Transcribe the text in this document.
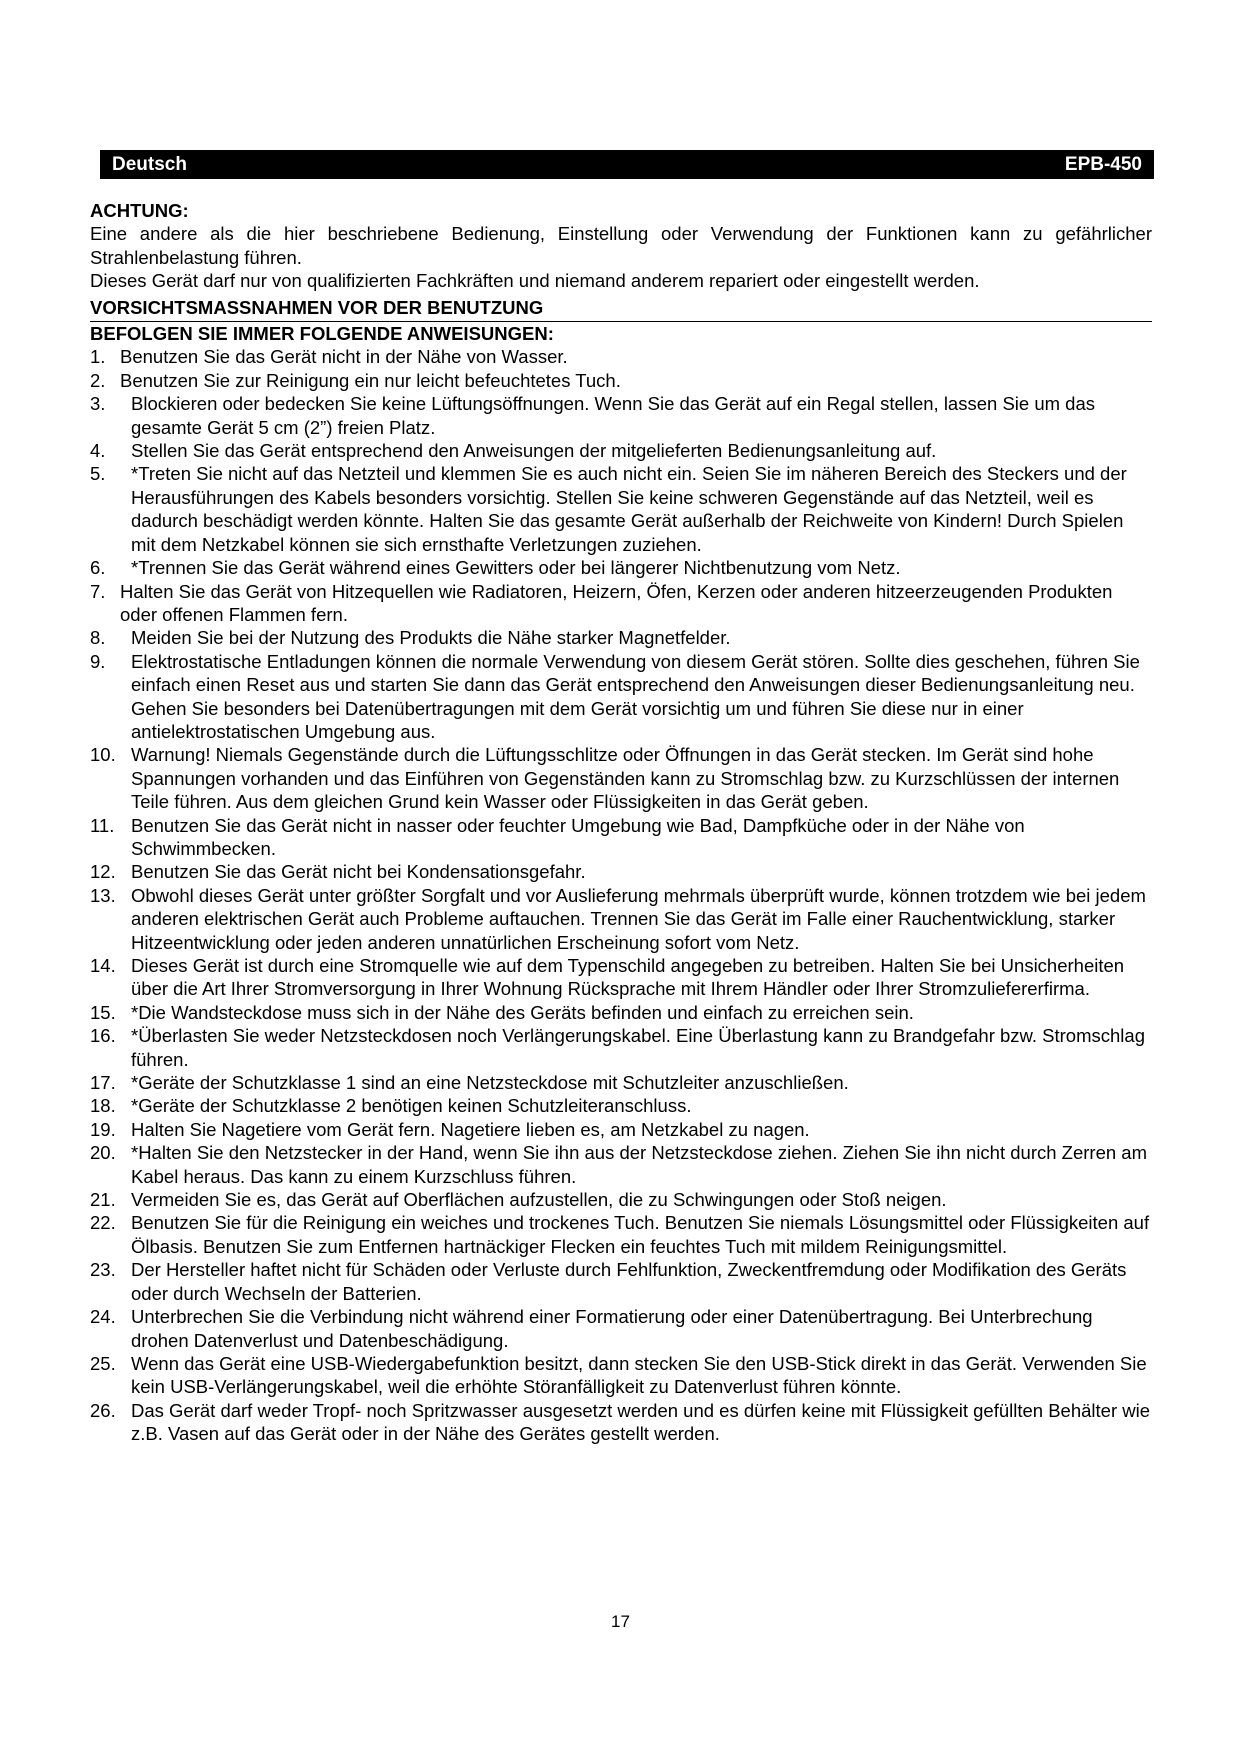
Deutsch	EPB-450
ACHTUNG:
Eine andere als die hier beschriebene Bedienung, Einstellung oder Verwendung der Funktionen kann zu gefährlicher Strahlenbelastung führen.
Dieses Gerät darf nur von qualifizierten Fachkräften und niemand anderem repariert oder eingestellt werden.
VORSICHTSMASSNAHMEN VOR DER BENUTZUNG
BEFOLGEN SIE IMMER FOLGENDE ANWEISUNGEN:
1. Benutzen Sie das Gerät nicht in der Nähe von Wasser.
2. Benutzen Sie zur Reinigung ein nur leicht befeuchtetes Tuch.
3.	Blockieren oder bedecken Sie keine Lüftungsöffnungen. Wenn Sie das Gerät auf ein Regal stellen, lassen Sie um das gesamte Gerät 5 cm (2”) freien Platz.
4.	Stellen Sie das Gerät entsprechend den Anweisungen der mitgelieferten Bedienungsanleitung auf.
5.	*Treten Sie nicht auf das Netzteil und klemmen Sie es auch nicht ein. Seien Sie im näheren Bereich des Steckers und der Herausführungen des Kabels besonders vorsichtig. Stellen Sie keine schweren Gegenstände auf das Netzteil, weil es dadurch beschädigt werden könnte. Halten Sie das gesamte Gerät außerhalb der Reichweite von Kindern! Durch Spielen mit dem Netzkabel können sie sich ernsthafte Verletzungen zuziehen.
6.	*Trennen Sie das Gerät während eines Gewitters oder bei längerer Nichtbenutzung vom Netz.
7. Halten Sie das Gerät von Hitzequellen wie Radiatoren, Heizern, Öfen, Kerzen oder anderen hitzeerzeugenden Produkten oder offenen Flammen fern.
8.	Meiden Sie bei der Nutzung des Produkts die Nähe starker Magnetfelder.
9.	Elektrostatische Entladungen können die normale Verwendung von diesem Gerät stören. Sollte dies geschehen, führen Sie einfach einen Reset aus und starten Sie dann das Gerät entsprechend den Anweisungen dieser Bedienungsanleitung neu. Gehen Sie besonders bei Datenübertragungen mit dem Gerät vorsichtig um und führen Sie diese nur in einer antielektrostatischen Umgebung aus.
10. Warnung! Niemals Gegenstände durch die Lüftungsschlitze oder Öffnungen in das Gerät stecken. Im Gerät sind hohe Spannungen vorhanden und das Einführen von Gegenständen kann zu Stromschlag bzw. zu Kurzschlüssen der internen Teile führen. Aus dem gleichen Grund kein Wasser oder Flüssigkeiten in das Gerät geben.
11. Benutzen Sie das Gerät nicht in nasser oder feuchter Umgebung wie Bad, Dampfküche oder in der Nähe von Schwimmbecken.
12. Benutzen Sie das Gerät nicht bei Kondensationsgefahr.
13. Obwohl dieses Gerät unter größter Sorgfalt und vor Auslieferung mehrmals überprüft wurde, können trotzdem wie bei jedem anderen elektrischen Gerät auch Probleme auftauchen. Trennen Sie das Gerät im Falle einer Rauchentwicklung, starker Hitzeentwicklung oder jeden anderen unnatürlichen Erscheinung sofort vom Netz.
14. Dieses Gerät ist durch eine Stromquelle wie auf dem Typenschild angegeben zu betreiben. Halten Sie bei Unsicherheiten über die Art Ihrer Stromversorgung in Ihrer Wohnung Rücksprache mit Ihrem Händler oder Ihrer Stromzuliefererfirma.
15. *Die Wandsteckdose muss sich in der Nähe des Geräts befinden und einfach zu erreichen sein.
16. *Überlasten Sie weder Netzsteckdosen noch Verlängerungskabel. Eine Überlastung kann zu Brandgefahr bzw. Stromschlag führen.
17. *Geräte der Schutzklasse 1 sind an eine Netzsteckdose mit Schutzleiter anzuschließen.
18. *Geräte der Schutzklasse 2 benötigen keinen Schutzleiteranschluss.
19. Halten Sie Nagetiere vom Gerät fern. Nagetiere lieben es, am Netzkabel zu nagen.
20. *Halten Sie den Netzstecker in der Hand, wenn Sie ihn aus der Netzsteckdose ziehen. Ziehen Sie ihn nicht durch Zerren am Kabel heraus. Das kann zu einem Kurzschluss führen.
21. Vermeiden Sie es, das Gerät auf Oberflächen aufzustellen, die zu Schwingungen oder Stoß neigen.
22. Benutzen Sie für die Reinigung ein weiches und trockenes Tuch. Benutzen Sie niemals Lösungsmittel oder Flüssigkeiten auf Ölbasis. Benutzen Sie zum Entfernen hartnäckiger Flecken ein feuchtes Tuch mit mildem Reinigungsmittel.
23. Der Hersteller haftet nicht für Schäden oder Verluste durch Fehlfunktion, Zweckentfremdung oder Modifikation des Geräts oder durch Wechseln der Batterien.
24. Unterbrechen Sie die Verbindung nicht während einer Formatierung oder einer Datenübertragung. Bei Unterbrechung drohen Datenverlust und Datenbeschädigung.
25. Wenn das Gerät eine USB-Wiedergabefunktion besitzt, dann stecken Sie den USB-Stick direkt in das Gerät. Verwenden Sie kein USB-Verlängerungskabel, weil die erhöhte Störanfälligkeit zu Datenverlust führen könnte.
26. Das Gerät darf weder Tropf- noch Spritzwasser ausgesetzt werden und es dürfen keine mit Flüssigkeit gefüllten Behälter wie z.B. Vasen auf das Gerät oder in der Nähe des Gerätes gestellt werden.
17
